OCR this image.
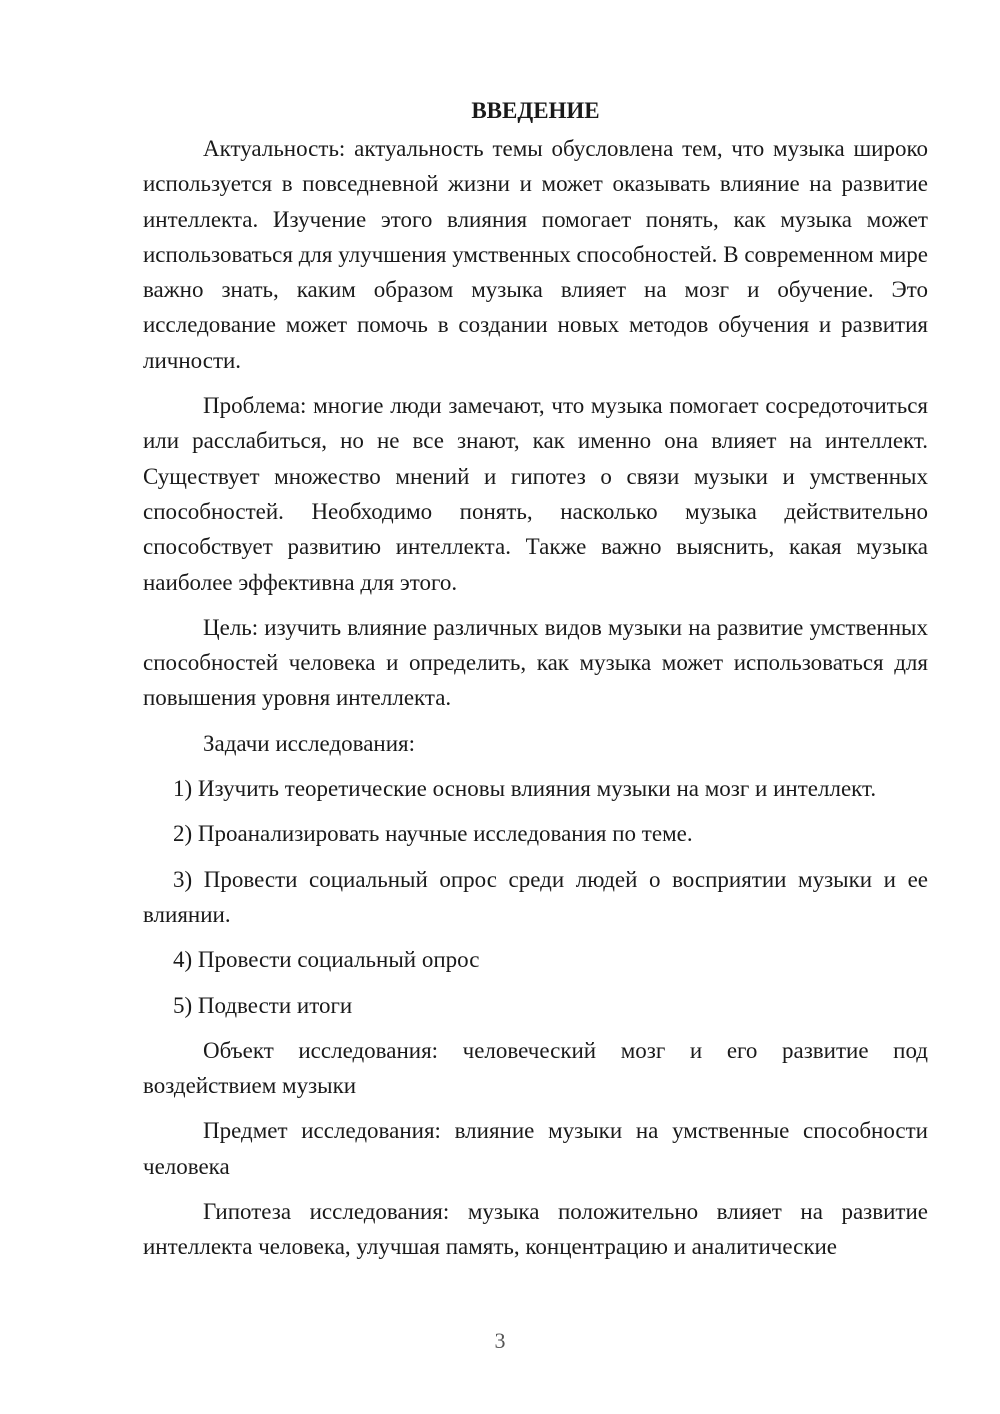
ВВЕДЕНИЕ

Актуальность: актуальность темы обусловлена тем, что музыка широко используется в повседневной жизни и может оказывать влияние на развитие интеллекта. Изучение этого влияния помогает понять, как музыка может использоваться для улучшения умственных способностей. В современном мире важно знать, каким образом музыка влияет на мозг и обучение. Это исследование может помочь в создании новых методов обучения и развития личности.

Проблема: многие люди замечают, что музыка помогает сосредоточиться или расслабиться, но не все знают, как именно она влияет на интеллект. Существует множество мнений и гипотез о связи музыки и умственных способностей. Необходимо понять, насколько музыка действительно способствует развитию интеллекта. Также важно выяснить, какая музыка наиболее эффективна для этого.

Цель: изучить влияние различных видов музыки на развитие умственных способностей человека и определить, как музыка может использоваться для повышения уровня интеллекта.

Задачи исследования:

1) Изучить теоретические основы влияния музыки на мозг и интеллект.

2) Проанализировать научные исследования по теме.

3) Провести социальный опрос среди людей о восприятии музыки и ее влиянии.

4) Провести социальный опрос

5) Подвести итоги

Объект исследования: человеческий мозг и его развитие под воздействием музыки

Предмет исследования: влияние музыки на умственные способности человека

Гипотеза исследования: музыка положительно влияет на развитие интеллекта человека, улучшая память, концентрацию и аналитические

3
